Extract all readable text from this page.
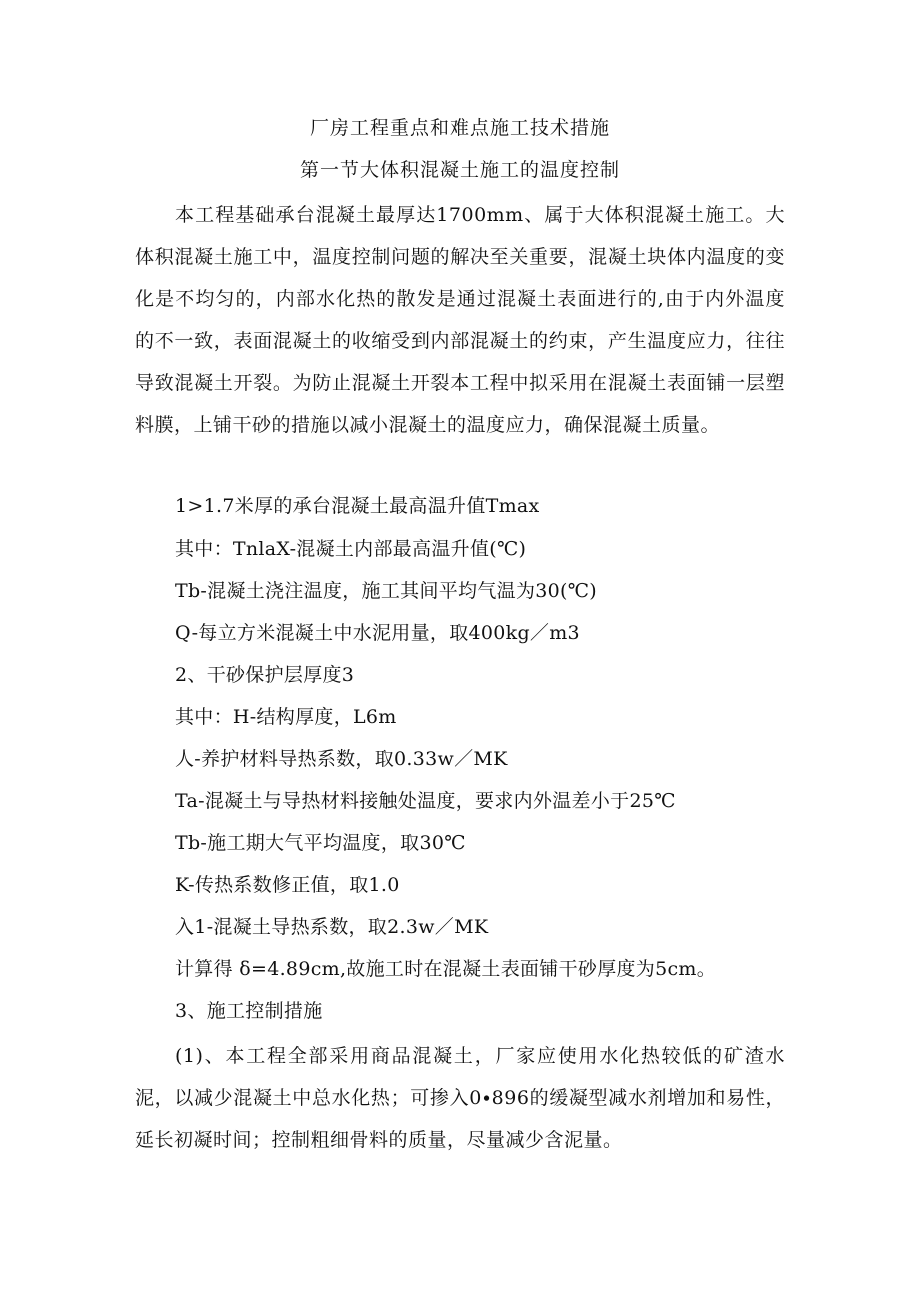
厂房工程重点和难点施工技术措施
第一节大体积混凝土施工的温度控制
本工程基础承台混凝土最厚达1700mm、属于大体积混凝土施工。大体积混凝土施工中，温度控制问题的解决至关重要，混凝土块体内温度的变化是不均匀的，内部水化热的散发是通过混凝土表面进行的,由于内外温度的不一致，表面混凝土的收缩受到内部混凝土的约束，产生温度应力，往往导致混凝土开裂。为防止混凝土开裂本工程中拟采用在混凝土表面铺一层塑料膜，上铺干砂的措施以减小混凝土的温度应力，确保混凝土质量。
1>1.7米厚的承台混凝土最高温升值Tmax
其中：TnlaX-混凝土内部最高温升值(℃)
Tb-混凝土浇注温度，施工其间平均气温为30(℃)
Q-每立方米混凝土中水泥用量，取400kg／m3
2、干砂保护层厚度3
其中：H-结构厚度，L6m
人-养护材料导热系数，取0.33w／MK
Ta-混凝土与导热材料接触处温度，要求内外温差小于25℃
Tb-施工期大气平均温度，取30℃
K-传热系数修正值，取1.0
入1-混凝土导热系数，取2.3w／MK
计算得 δ=4.89cm,故施工时在混凝土表面铺干砂厚度为5cm。
3、施工控制措施
(1)、本工程全部采用商品混凝土，厂家应使用水化热较低的矿渣水泥，以减少混凝土中总水化热；可掺入0∙896的缓凝型减水剂增加和易性，延长初凝时间；控制粗细骨料的质量，尽量减少含泥量。
